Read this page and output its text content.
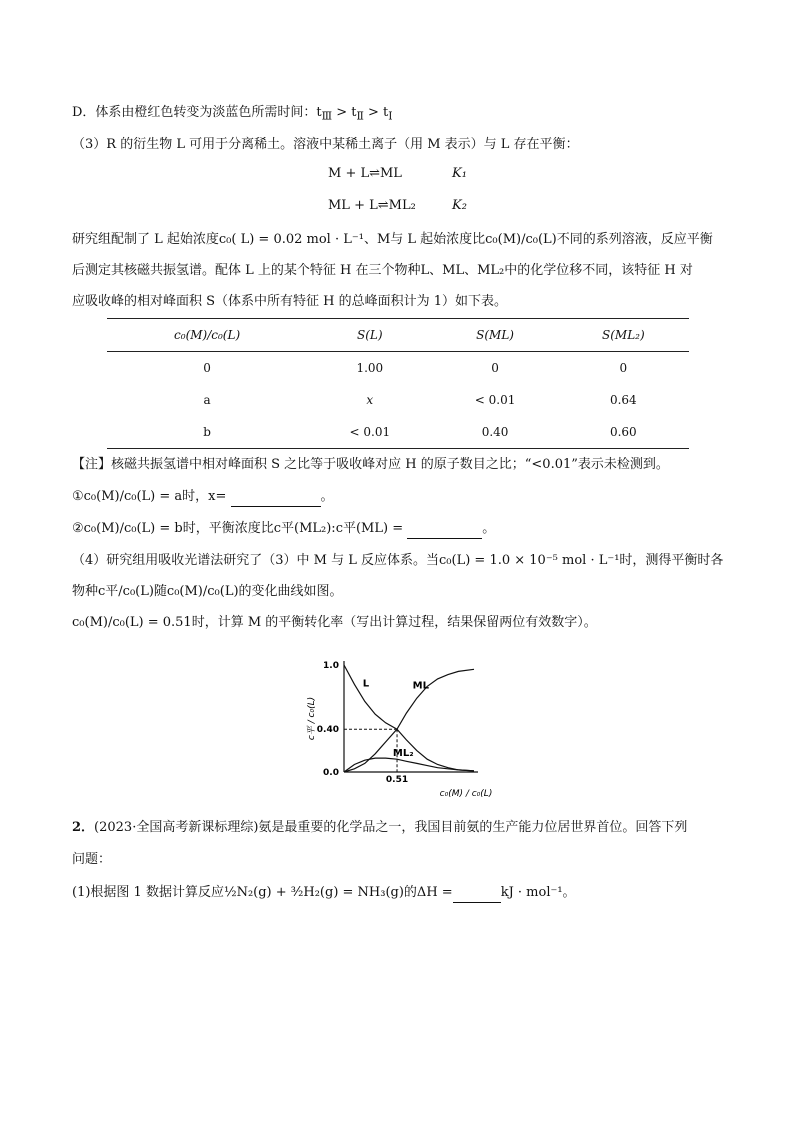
D．体系由橙红色转变为淡蓝色所需时间：$t_Ⅲ > t_Ⅱ > t_Ⅰ$
（3）R 的衍生物 L 可用于分离稀土。溶液中某稀土离子（用 M 表示）与 L 存在平衡：
M + L⇌ML	K₁
ML + L⇌ML₂	K₂
研究组配制了 L 起始浓度c₀( L) = 0.02 mol · L⁻¹、M与 L 起始浓度比c₀(M)/c₀(L)不同的系列溶液，反应平衡
后测定其核磁共振氢谱。配体 L 上的某个特征 H 在三个物种L、ML、ML₂中的化学位移不同，该特征 H 对
应吸收峰的相对峰面积 S（体系中所有特征 H 的总峰面积计为 1）如下表。
c₀(M)/c₀(L)	S(L)	S(ML)	S(ML₂)
0	1.00	0	0
a	x	< 0.01	0.64
b	< 0.01	0.40	0.60
【注】核磁共振氢谱中相对峰面积 S 之比等于吸收峰对应 H 的原子数目之比；“<0.01”表示未检测到。
①c₀(M)/c₀(L) = a时，x=	。
②c₀(M)/c₀(L) = b时，平衡浓度比c平(ML₂):c平(ML) =	。
（4）研究组用吸收光谱法研究了（3）中 M 与 L 反应体系。当c₀(L) = 1.0 × 10⁻⁵ mol · L⁻¹时，测得平衡时各
物种c平/c₀(L)随c₀(M)/c₀(L)的变化曲线如图。
c₀(M)/c₀(L) = 0.51时，计算 M 的平衡转化率（写出计算过程，结果保留两位有效数字）。
1.0
0.40
0.0
0.51
L	ML
ML₂
c₀(M) / c₀(L)
c平 / c₀(L)
2．(2023·全国高考新课标理综)氨是最重要的化学品之一，我国目前氨的生产能力位居世界首位。回答下列
问题：
(1)根据图 1 数据计算反应½N₂(g) + ³⁄₂H₂(g) = NH₃(g)的ΔH =	kJ · mol⁻¹。
